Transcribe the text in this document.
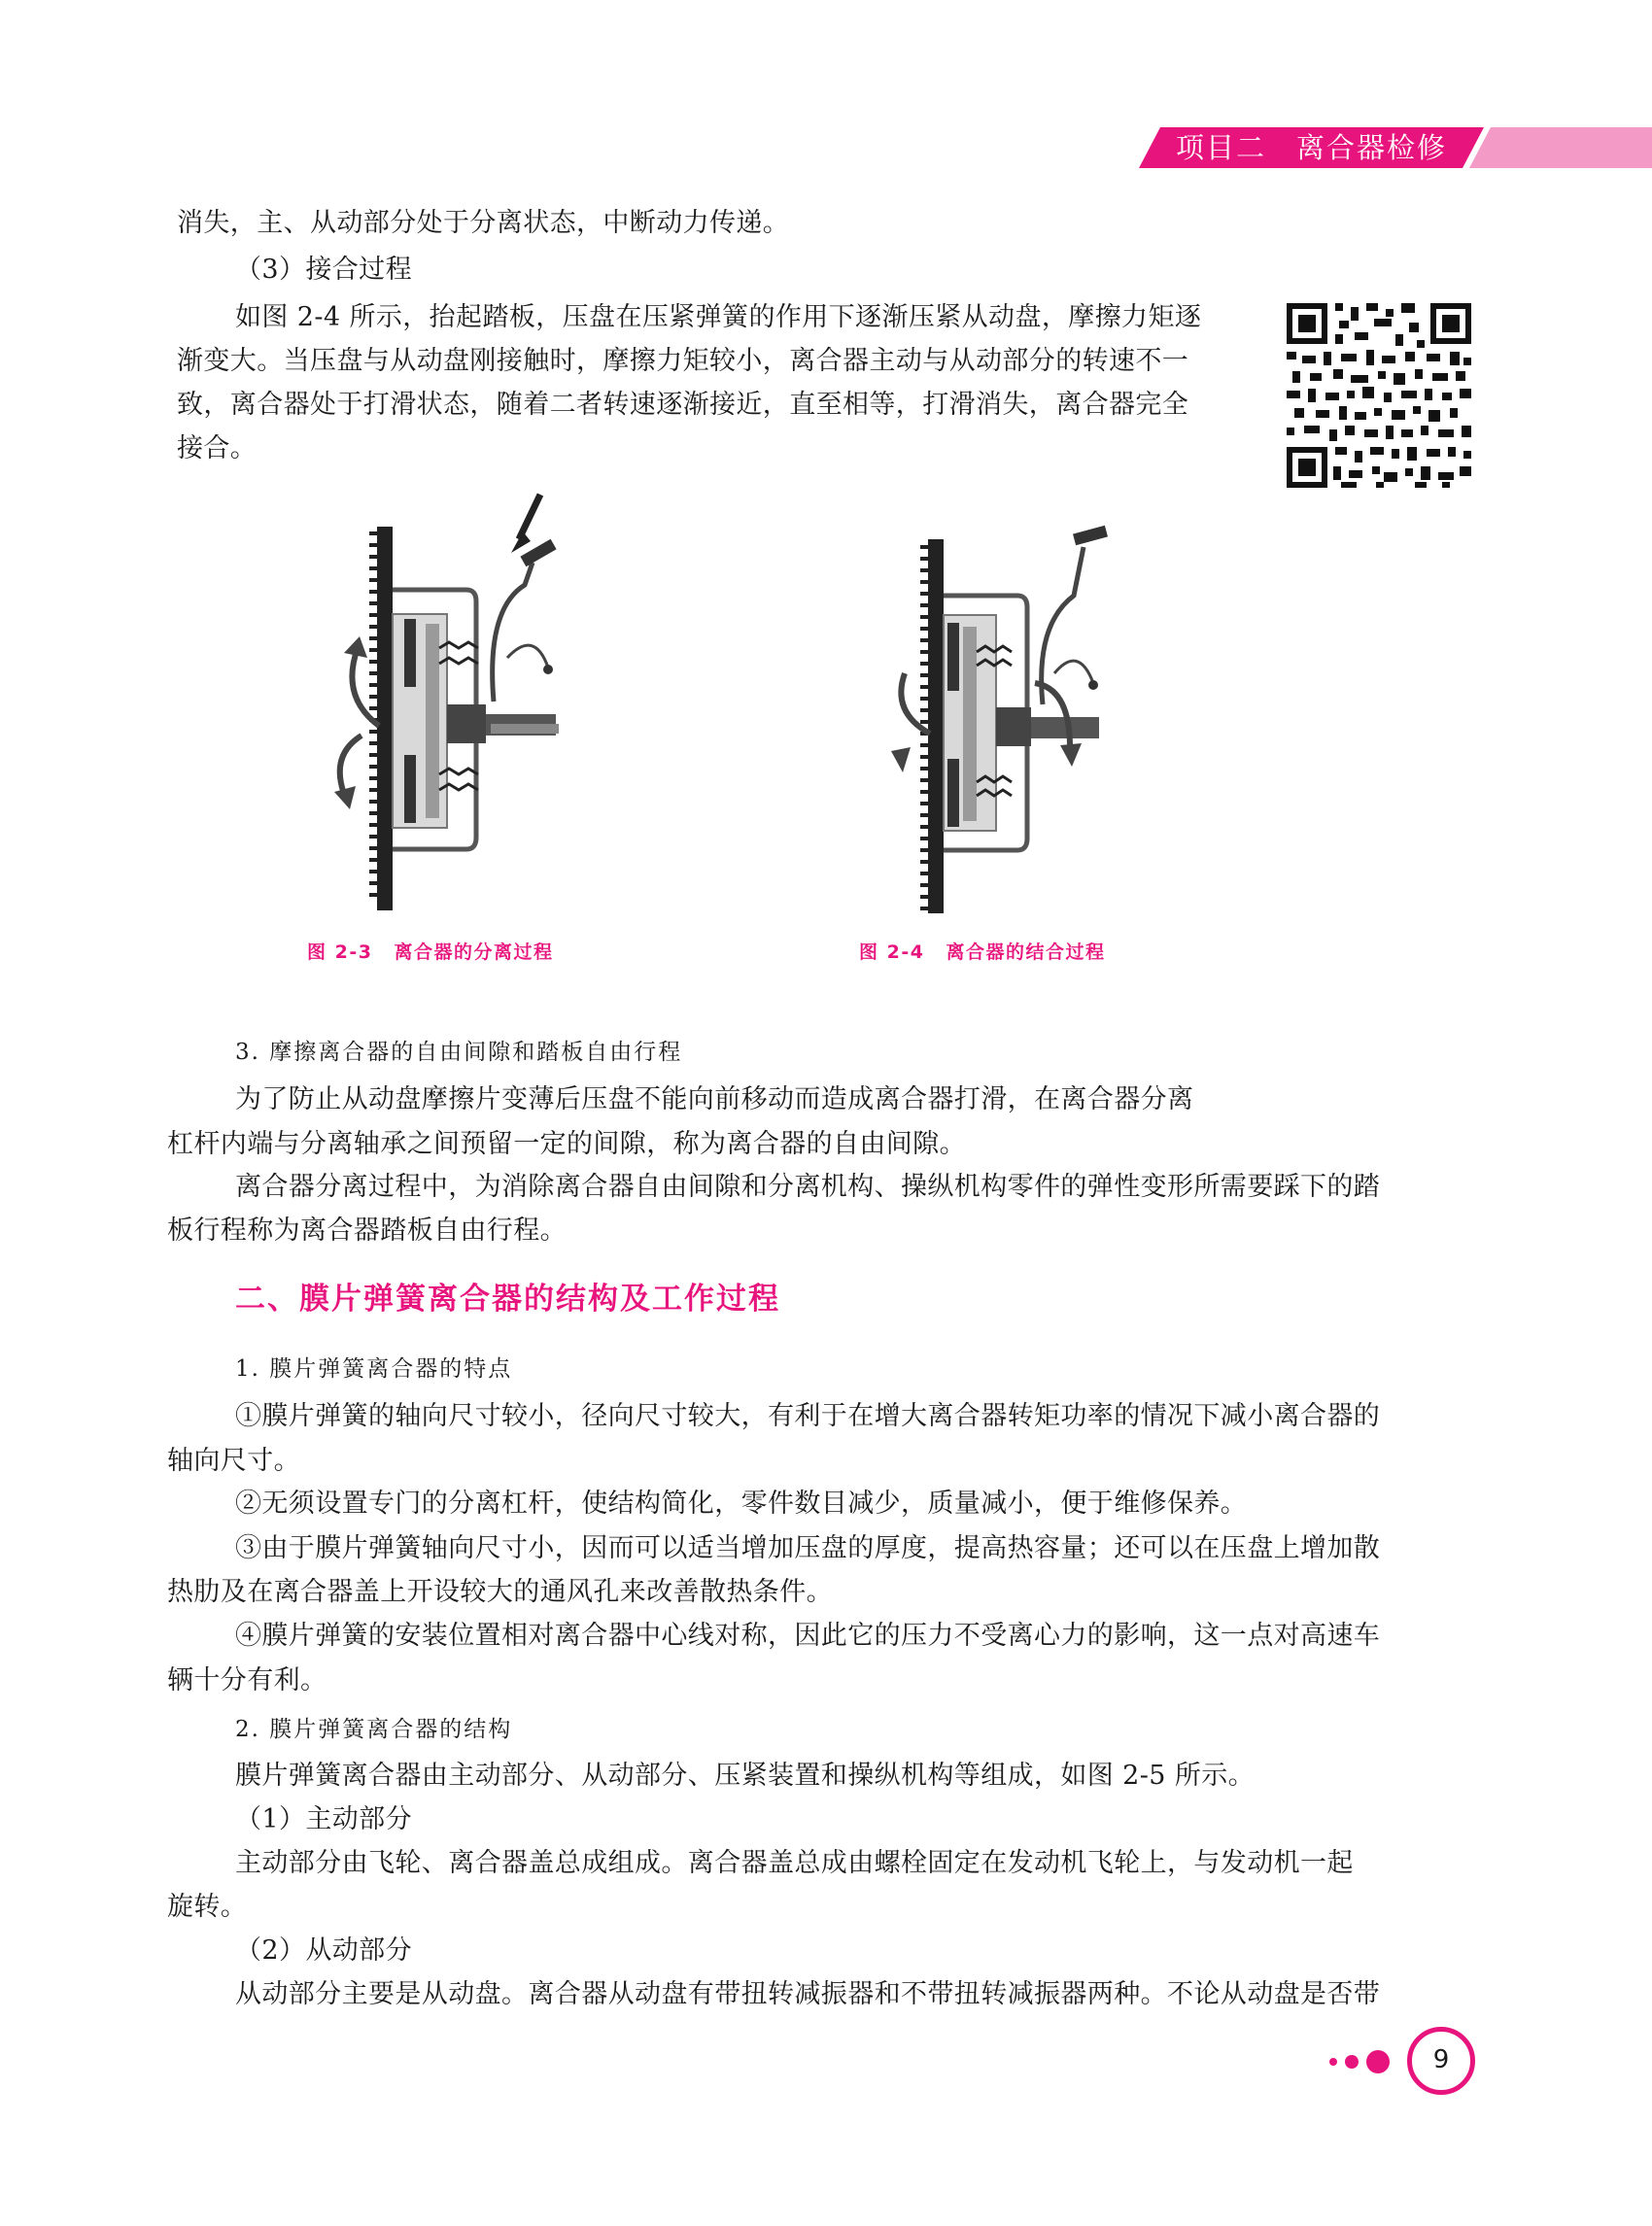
项目二　离合器检修
消失，主、从动部分处于分离状态，中断动力传递。
（3）接合过程
如图 2-4 所示，抬起踏板，压盘在压紧弹簧的作用下逐渐压紧从动盘，摩擦力矩逐
渐变大。当压盘与从动盘刚接触时，摩擦力矩较小，离合器主动与从动部分的转速不一
致，离合器处于打滑状态，随着二者转速逐渐接近，直至相等，打滑消失，离合器完全
接合。
图 2-3 离合器的分离过程	图 2-4 离合器的结合过程
3. 摩擦离合器的自由间隙和踏板自由行程
为了防止从动盘摩擦片变薄后压盘不能向前移动而造成离合器打滑，在离合器分离
杠杆内端与分离轴承之间预留一定的间隙，称为离合器的自由间隙。
离合器分离过程中，为消除离合器自由间隙和分离机构、操纵机构零件的弹性变形所需要踩下的踏
板行程称为离合器踏板自由行程。
二、膜片弹簧离合器的结构及工作过程
1. 膜片弹簧离合器的特点
①膜片弹簧的轴向尺寸较小，径向尺寸较大，有利于在增大离合器转矩功率的情况下减小离合器的
轴向尺寸。
②无须设置专门的分离杠杆，使结构简化，零件数目减少，质量减小，便于维修保养。
③由于膜片弹簧轴向尺寸小，因而可以适当增加压盘的厚度，提高热容量；还可以在压盘上增加散
热肋及在离合器盖上开设较大的通风孔来改善散热条件。
④膜片弹簧的安装位置相对离合器中心线对称，因此它的压力不受离心力的影响，这一点对高速车
辆十分有利。
2. 膜片弹簧离合器的结构
膜片弹簧离合器由主动部分、从动部分、压紧装置和操纵机构等组成，如图 2-5 所示。
（1）主动部分
主动部分由飞轮、离合器盖总成组成。离合器盖总成由螺栓固定在发动机飞轮上，与发动机一起
旋转。
（2）从动部分
从动部分主要是从动盘。离合器从动盘有带扭转减振器和不带扭转减振器两种。不论从动盘是否带
9
